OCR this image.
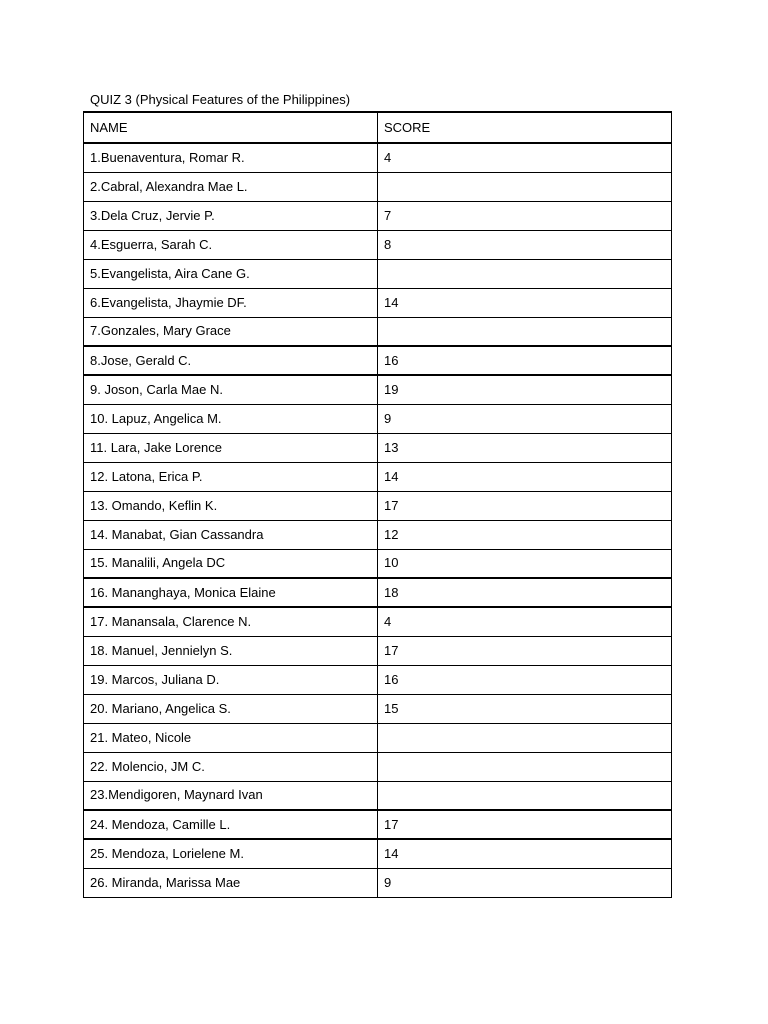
QUIZ 3 (Physical Features of the Philippines)
NAME	SCORE
1.Buenaventura, Romar R.	4
2.Cabral, Alexandra Mae L.	
3.Dela Cruz, Jervie P.	7
4.Esguerra, Sarah C.	8
5.Evangelista, Aira Cane G.	
6.Evangelista, Jhaymie DF.	14
7.Gonzales, Mary Grace	
8.Jose, Gerald C.	16
9. Joson, Carla Mae N.	19
10. Lapuz, Angelica M.	9
11. Lara, Jake Lorence	13
12. Latona, Erica P.	14
13. Omando, Keflin K.	17
14. Manabat, Gian Cassandra	12
15. Manalili, Angela DC	10
16. Mananghaya, Monica Elaine	18
17. Manansala, Clarence N.	4
18. Manuel, Jennielyn S.	17
19. Marcos, Juliana D.	16
20. Mariano, Angelica S.	15
21. Mateo, Nicole	
22. Molencio, JM C.	
23.Mendigoren, Maynard Ivan	
24. Mendoza, Camille L.	17
25. Mendoza, Lorielene M.	14
26. Miranda, Marissa Mae	9
